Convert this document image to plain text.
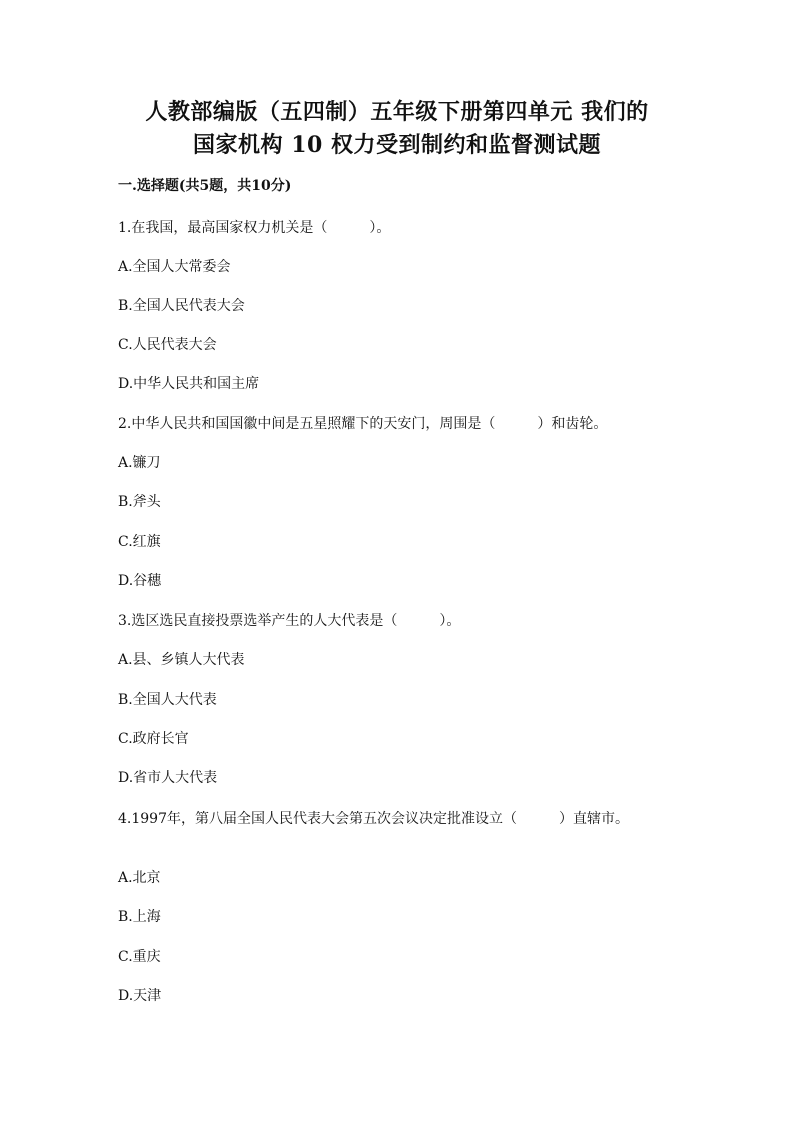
人教部编版（五四制）五年级下册第四单元 我们的
国家机构 10 权力受到制约和监督测试题
一.选择题(共5题，共10分)
1.在我国，最高国家权力机关是（　　　）。
A.全国人大常委会
B.全国人民代表大会
C.人民代表大会
D.中华人民共和国主席
2.中华人民共和国国徽中间是五星照耀下的天安门，周围是（　　　）和齿轮。
A.镰刀
B.斧头
C.红旗
D.谷穗
3.选区选民直接投票选举产生的人大代表是（　　　）。
A.县、乡镇人大代表
B.全国人大代表
C.政府长官
D.省市人大代表
4.1997年，第八届全国人民代表大会第五次会议决定批准设立（　　　）直辖市。
A.北京
B.上海
C.重庆
D.天津
